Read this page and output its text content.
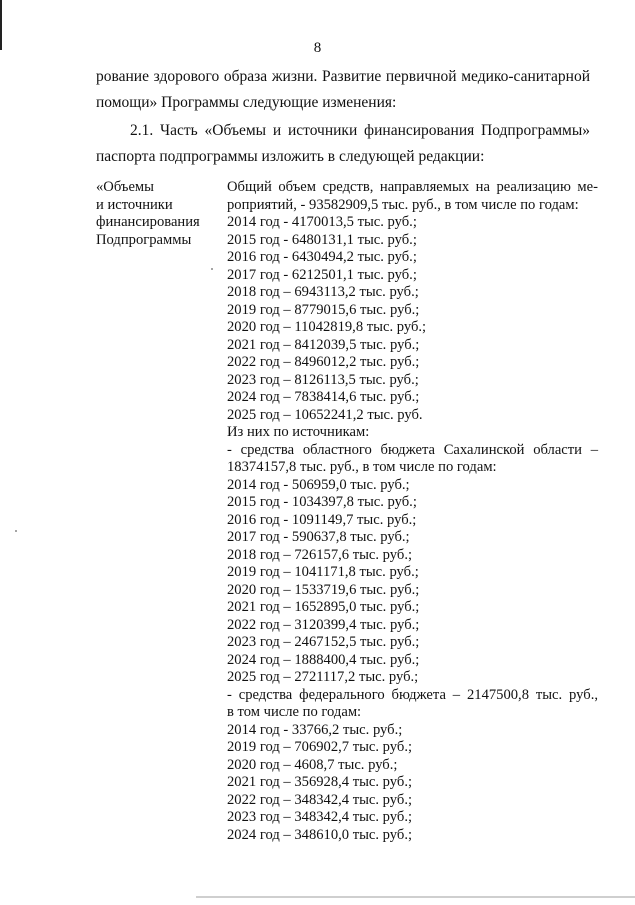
8
рование здорового образа жизни. Развитие первичной медико-санитарной
помощи» Программы следующие изменения:
2.1. Часть «Объемы и источники финансирования Подпрограммы»
паспорта подпрограммы изложить в следующей редакции:
«Объемы
и источники
финансирования
Подпрограммы
Общий объем средств, направляемых на реализацию ме-
роприятий, - 93582909,5 тыс. руб., в том числе по годам:
2014 год - 4170013,5 тыс. руб.;
2015 год - 6480131,1 тыс. руб.;
2016 год - 6430494,2 тыс. руб.;
2017 год - 6212501,1 тыс. руб.;
2018 год – 6943113,2 тыс. руб.;
2019 год – 8779015,6 тыс. руб.;
2020 год – 11042819,8 тыс. руб.;
2021 год – 8412039,5 тыс. руб.;
2022 год – 8496012,2 тыс. руб.;
2023 год – 8126113,5 тыс. руб.;
2024 год – 7838414,6 тыс. руб.;
2025 год – 10652241,2 тыс. руб.
Из них по источникам:
- средства областного бюджета Сахалинской области –
18374157,8 тыс. руб., в том числе по годам:
2014 год - 506959,0 тыс. руб.;
2015 год - 1034397,8 тыс. руб.;
2016 год - 1091149,7 тыс. руб.;
2017 год - 590637,8 тыс. руб.;
2018 год – 726157,6 тыс. руб.;
2019 год – 1041171,8 тыс. руб.;
2020 год – 1533719,6 тыс. руб.;
2021 год – 1652895,0 тыс. руб.;
2022 год – 3120399,4 тыс. руб.;
2023 год – 2467152,5 тыс. руб.;
2024 год – 1888400,4 тыс. руб.;
2025 год – 2721117,2 тыс. руб.;
- средства федерального бюджета – 2147500,8 тыс. руб.,
в том числе по годам:
2014 год - 33766,2 тыс. руб.;
2019 год – 706902,7 тыс. руб.;
2020 год – 4608,7 тыс. руб.;
2021 год – 356928,4 тыс. руб.;
2022 год – 348342,4 тыс. руб.;
2023 год – 348342,4 тыс. руб.;
2024 год – 348610,0 тыс. руб.;
